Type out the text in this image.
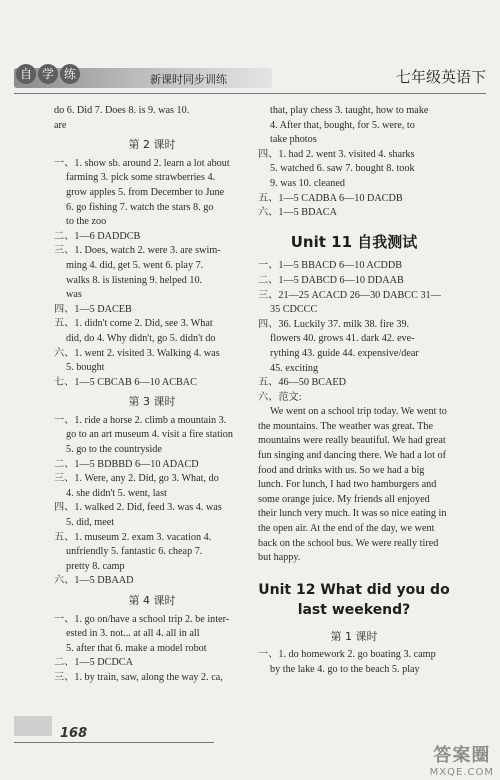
自 学 练	新课时同步训练	七年级英语下
do 6. Did 7. Does 8. is 9. was 10.
are
第 2 课时
一、1. show sb. around 2. learn a lot about
farming 3. pick some strawberries 4.
grow apples 5. from December to June
6. go fishing 7. watch the stars 8. go
to the zoo
二、1—6 DADDCB
三、1. Does, watch 2. were 3. are swim-
ming 4. did, get 5. went 6. play 7.
walks 8. is listening 9. helped 10.
was
四、1—5 DACEB
五、1. didn't come 2. Did, see 3. What
did, do 4. Why didn't, go 5. didn't do
六、1. went 2. visited 3. Walking 4. was
5. bought
七、1—5 CBCAB 6—10 ACBAC
第 3 课时
一、1. ride a horse 2. climb a mountain 3.
go to an art museum 4. visit a fire station
5. go to the countryside
二、1—5 BDBBD 6—10 ADACD
三、1. Were, any 2. Did, go 3. What, do
4. she didn't 5. went, last
四、1. walked 2. Did, feed 3. was 4. was
5. did, meet
五、1. museum 2. exam 3. vacation 4.
unfriendly 5. fantastic 6. cheap 7.
pretty 8. camp
六、1—5 DBAAD
第 4 课时
一、1. go on/have a school trip 2. be inter-
ested in 3. not... at all 4. all in all
5. after that 6. make a model robot
二、1—5 DCDCA
三、1. by train, saw, along the way 2. ca,
that, play chess 3. taught, how to make
4. After that, bought, for 5. were, to
take photos
四、1. had 2. went 3. visited 4. sharks
5. watched 6. saw 7. bought 8. took
9. was 10. cleaned
五、1—5 CADBA 6—10 DACDB
六、1—5 BDACA
Unit 11 自我测试
一、1—5 BBACD 6—10 ACDDB
二、1—5 DABCD 6—10 DDAAB
三、21—25 ACACD 26—30 DABCC 31—
35 CDCCC
四、36. Luckily 37. milk 38. fire 39.
flowers 40. grows 41. dark 42. eve-
rything 43. guide 44. expensive/dear
45. exciting
五、46—50 BCAED
六、范文:

We went on a school trip today. We went to the mountains. The weather was great. The mountains were really beautiful. We had great fun singing and dancing there. We had a lot of food and drinks with us. So we had a big lunch. For lunch, I had two hamburgers and some orange juice. My friends all enjoyed their lunch very much. It was so nice eating in the open air. At the end of the day, we went back on the school bus. We were really tired but happy.

Unit 12 What did you do
last weekend?
第 1 课时
一、1. do homework 2. go boating 3. camp
by the lake 4. go to the beach 5. play
168
答案圈
MXQE.COM
